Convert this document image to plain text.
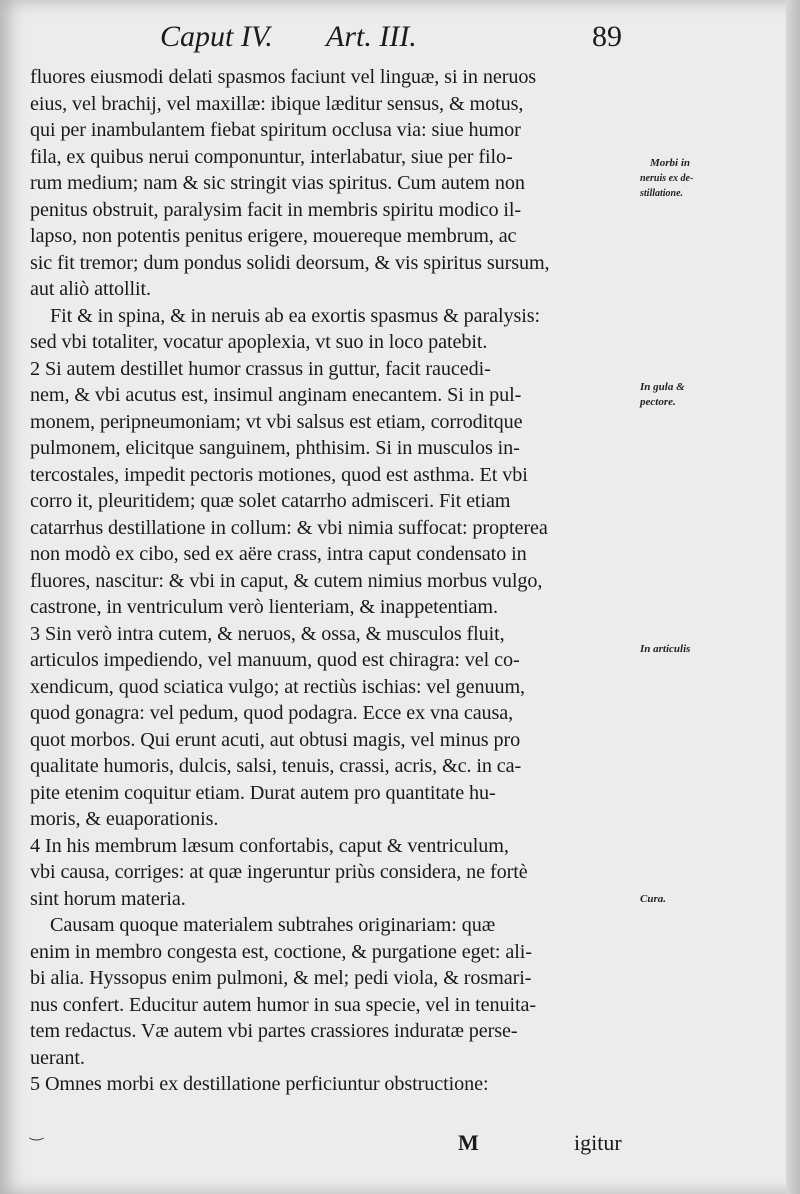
Caput IV. Art. III.	89
fluores eiusmodi delati spasmos faciunt vel linguæ, si in neruos
eius, vel brachij, vel maxillæ: ibique læditur sensus, & motus,
qui per inambulantem fiebat spiritum occlusa via: siue humor
fila, ex quibus nerui componuntur, interlabatur, siue per filo-
rum medium; nam & sic stringit vias spiritus. Cum autem non
penitus obstruit, paralysim facit in membris spiritu modico il-
lapso, non potentis penitus erigere, mouereque membrum, ac
sic fit tremor; dum pondus solidi deorsum, & vis spiritus sursum,
aut aliò attollit.
Fit & in spina, & in neruis ab ea exortis spasmus & paralysis:
sed vbi totaliter, vocatur apoplexia, vt suo in loco patebit.
2 Si autem destillet humor crassus in guttur, facit raucedi-
nem, & vbi acutus est, insimul anginam enecantem. Si in pul-
monem, peripneumoniam; vt vbi salsus est etiam, corroditque
pulmonem, elicitque sanguinem, phthisim. Si in musculos in-
tercostales, impedit pectoris motiones, quod est asthma. Et vbi
corro it, pleuritidem; quæ solet catarrho admisceri. Fit etiam
catarrhus destillatione in collum: & vbi nimia suffocat: propterea
non modò ex cibo, sed ex aëre crass, intra caput condensato in
fluores, nascitur: & vbi in caput, & cutem nimius morbus vulgo,
castrone, in ventriculum verò lienteriam, & inappetentiam.
3 Sin verò intra cutem, & neruos, & ossa, & musculos fluit,
articulos impediendo, vel manuum, quod est chiragra: vel co-
xendicum, quod sciatica vulgo; at rectiùs ischias: vel genuum,
quod gonagra: vel pedum, quod podagra. Ecce ex vna causa,
quot morbos. Qui erunt acuti, aut obtusi magis, vel minus pro
qualitate humoris, dulcis, salsi, tenuis, crassi, acris, &c. in ca-
pite etenim coquitur etiam. Durat autem pro quantitate hu-
moris, & euaporationis.
4 In his membrum læsum confortabis, caput & ventriculum,
vbi causa, corriges: at quæ ingeruntur priùs considera, ne fortè
sint horum materia.
Causam quoque materialem subtrahes originariam: quæ
enim in membro congesta est, coctione, & purgatione eget: ali-
bi alia. Hyssopus enim pulmoni, & mel; pedi viola, & rosmari-
nus confert. Educitur autem humor in sua specie, vel in tenuita-
tem redactus. Væ autem vbi partes crassiores induratæ perse-
uerant.
5 Omnes morbi ex destillatione perficiuntur obstructione:
Morbi in
neruis ex de-
stillatione.
In gula &
pectore.
In articulis
Cura.
‿	M	igitur
